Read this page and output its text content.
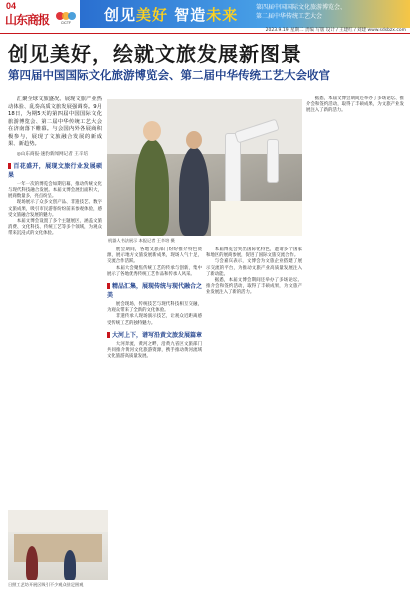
04
山东商报	CICTF 创见美好 智造未来	第四届中国国际文化旅游博览会、
第二届中华传统工艺大会
2023.9.19 星期二 责编 写版 设计 / 王建红 / 刘建 www.sdsbzx.com
创见美好，绘就文旅发展新图景
第四届中国国际文化旅游博览会、第二届中华传统工艺大会收官

汇聚全球文旅盛况、展现文旅产业热动体验、乱奏高质文旅发展强调奏。9月18日，为期5天的第四届中国国际文化旅游博览会、第二届中华传统工艺大会在济南落下帷幕。与会国内外各展商积极参与，展现了文旅融合发展的新成果、新趋势。

◎山东商报·速豹新闻网记者 王辛培

百花盛开，展现文旅行业发展硕果

一年一次的博览会如期启幕，推动传统文化与现代科技融合发展。本届文博会展出面积大，展商数量多，亮点纷呈。

现场展示了众多文创产品、非遗技艺、数字文旅成果，吸引市民游客纷纷前来参观体验，感受文旅融合发展的魅力。

本届文博会设置了多个主题展区，涵盖文旅消费、文化科技、传统工艺等多个领域，为观众带来沉浸式的文化体验。

机器人书法展示 本报记者 王辛培 摄

展会期间，各地文旅部门纷纷推介特色资源，展示地方文旅发展新成果，现场人气十足，交流合作活跃。

本届大会聚焦传统工艺的传承与创新，集中展示了各地优秀传统工艺作品和传承人风采。

精品汇集，展现传统与现代融合之美

展会现场，传统技艺与现代科技相互交融，为观众带来了全新的文化体验。

非遗传承人现场演示技艺，让观众近距离感受传统工艺的独特魅力。

大河上下，谱写沿黄文旅发展篇章

大河奔流，黄河之畔，沿黄九省区文旅部门共同推介黄河文化旅游资源，携手推动黄河流域文化旅游高质量发展。

本届博览会突出国际化特色，邀请多个国家和地区的展商参展，促进了国际文旅交流合作。

与会嘉宾表示，文博会为文旅企业搭建了展示交流的平台，为推动文旅产业高质量发展注入了新动能。

据悉，本届文博会期间还举办了多场论坛、推介会和签约活动，取得了丰硕成果，为文旅产业发展注入了新的活力。

据悉，本届文博会期间还举办了多场论坛、推介会和签约活动，取得了丰硕成果，为文旅产业发展注入了新的活力。

日照工艺坊开展区吸引不少观众驻足围观
